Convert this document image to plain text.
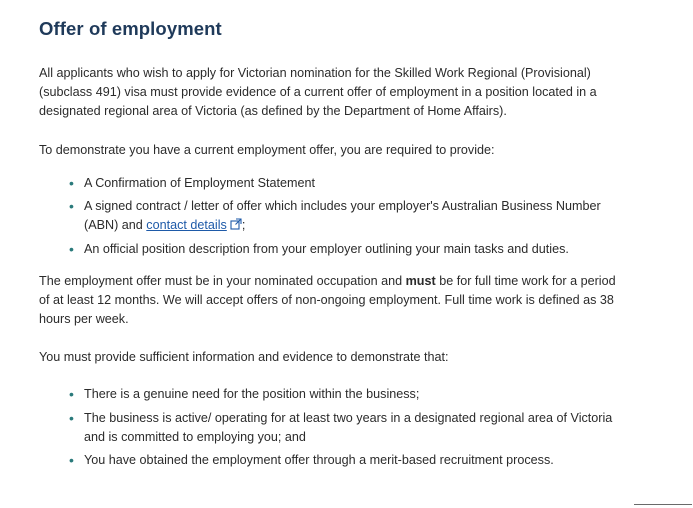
Offer of employment

All applicants who wish to apply for Victorian nomination for the Skilled Work Regional (Provisional) (subclass 491) visa must provide evidence of a current offer of employment in a position located in a designated regional area of Victoria (as defined by the Department of Home Affairs).

To demonstrate you have a current employment offer, you are required to provide:

• A Confirmation of Employment Statement
• A signed contract / letter of offer which includes your employer's Australian Business Number (ABN) and contact details ;
• An official position description from your employer outlining your main tasks and duties.

The employment offer must be in your nominated occupation and must be for full time work for a period of at least 12 months. We will accept offers of non-ongoing employment. Full time work is defined as 38 hours per week.

You must provide sufficient information and evidence to demonstrate that:

• There is a genuine need for the position within the business;
• The business is active/ operating for at least two years in a designated regional area of Victoria and is committed to employing you; and
• You have obtained the employment offer through a merit-based recruitment process.
